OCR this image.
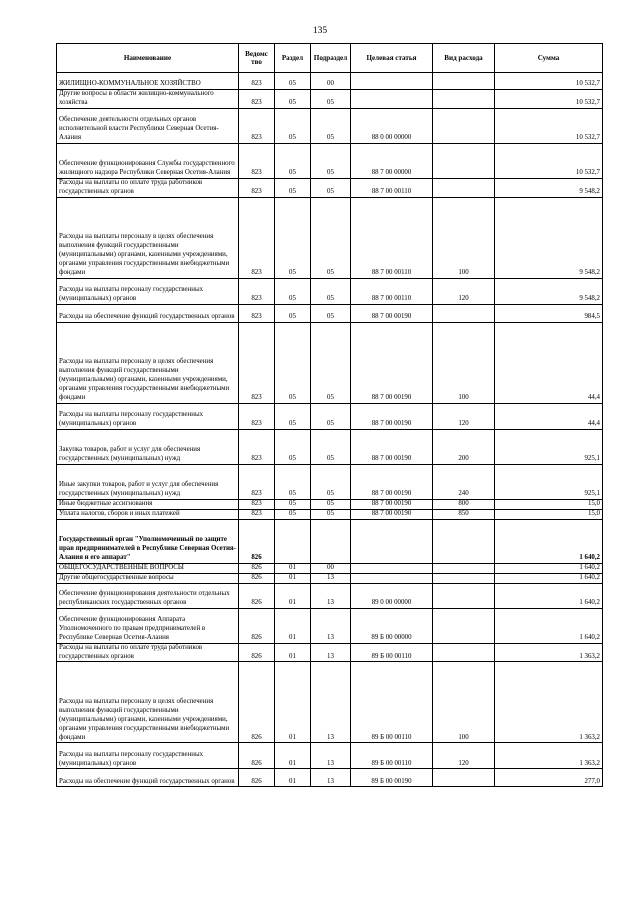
135
Наименование	Ведомс тво	Раздел	Подраздел	Целевая статья	Вид расхода	Сумма
ЖИЛИЩНО-КОММУНАЛЬНОЕ ХОЗЯЙСТВО	823	05	00			10 532,7
Другие вопросы в области жилищно-коммунального хозяйства	823	05	05			10 532,7
Обеспечение деятельности отдельных органов исполнительной власти Республики Северная Осетия-Алания	823	05	05	88 0 00 00000		10 532,7
Обеспечение функционирования Службы государственного жилищного надзора Республики Северная Осетия-Алания	823	05	05	88 7 00 00000		10 532,7
Расходы на выплаты по оплате труда работников государственных органов	823	05	05	88 7 00 00110		9 548,2
Расходы на выплаты персоналу в целях обеспечения выполнения функций государственными (муниципальными) органами, казенными учреждениями, органами управления государственными внебюджетными фондами	823	05	05	88 7 00 00110	100	9 548,2
Расходы на выплаты персоналу государственных (муниципальных) органов	823	05	05	88 7 00 00110	120	9 548,2
Расходы на обеспечение функций государственных органов	823	05	05	88 7 00 00190		984,5
Расходы на выплаты персоналу в целях обеспечения выполнения функций государственными (муниципальными) органами, казенными учреждениями, органами управления государственными внебюджетными фондами	823	05	05	88 7 00 00190	100	44,4
Расходы на выплаты персоналу государственных (муниципальных) органов	823	05	05	88 7 00 00190	120	44,4
Закупка товаров, работ и услуг для обеспечения государственных (муниципальных) нужд	823	05	05	88 7 00 00190	200	925,1
Иные закупки товаров, работ и услуг для обеспечения государственных (муниципальных) нужд	823	05	05	88 7 00 00190	240	925,1
Иные бюджетные ассигнования	823	05	05	88 7 00 00190	800	15,0
Уплата налогов, сборов и иных платежей	823	05	05	88 7 00 00190	850	15,0
Государственный орган "Уполномоченный по защите прав предпринимателей в Республике Северная Осетия-Алания и его аппарат"	826					1 640,2
ОБЩЕГОСУДАРСТВЕННЫЕ ВОПРОСЫ	826	01	00			1 640,2
Другие общегосударственные вопросы	826	01	13			1 640,2
Обеспечение функционирования деятельности отдельных республиканских государственных органов	826	01	13	89 0 00 00000		1 640,2
Обеспечение функционирования Аппарата Уполномоченного по правам предпринимателей в Республике Северная Осетия-Алания	826	01	13	89 Б 00 00000		1 640,2
Расходы на выплаты по оплате труда работников государственных органов	826	01	13	89 Б 00 00110		1 363,2
Расходы на выплаты персоналу в целях обеспечения выполнения функций государственными (муниципальными) органами, казенными учреждениями, органами управления государственными внебюджетными фондами	826	01	13	89 Б 00 00110	100	1 363,2
Расходы на выплаты персоналу государственных (муниципальных) органов	826	01	13	89 Б 00 00110	120	1 363,2
Расходы на обеспечение функций государственных органов	826	01	13	89 Б 00 00190		277,0
